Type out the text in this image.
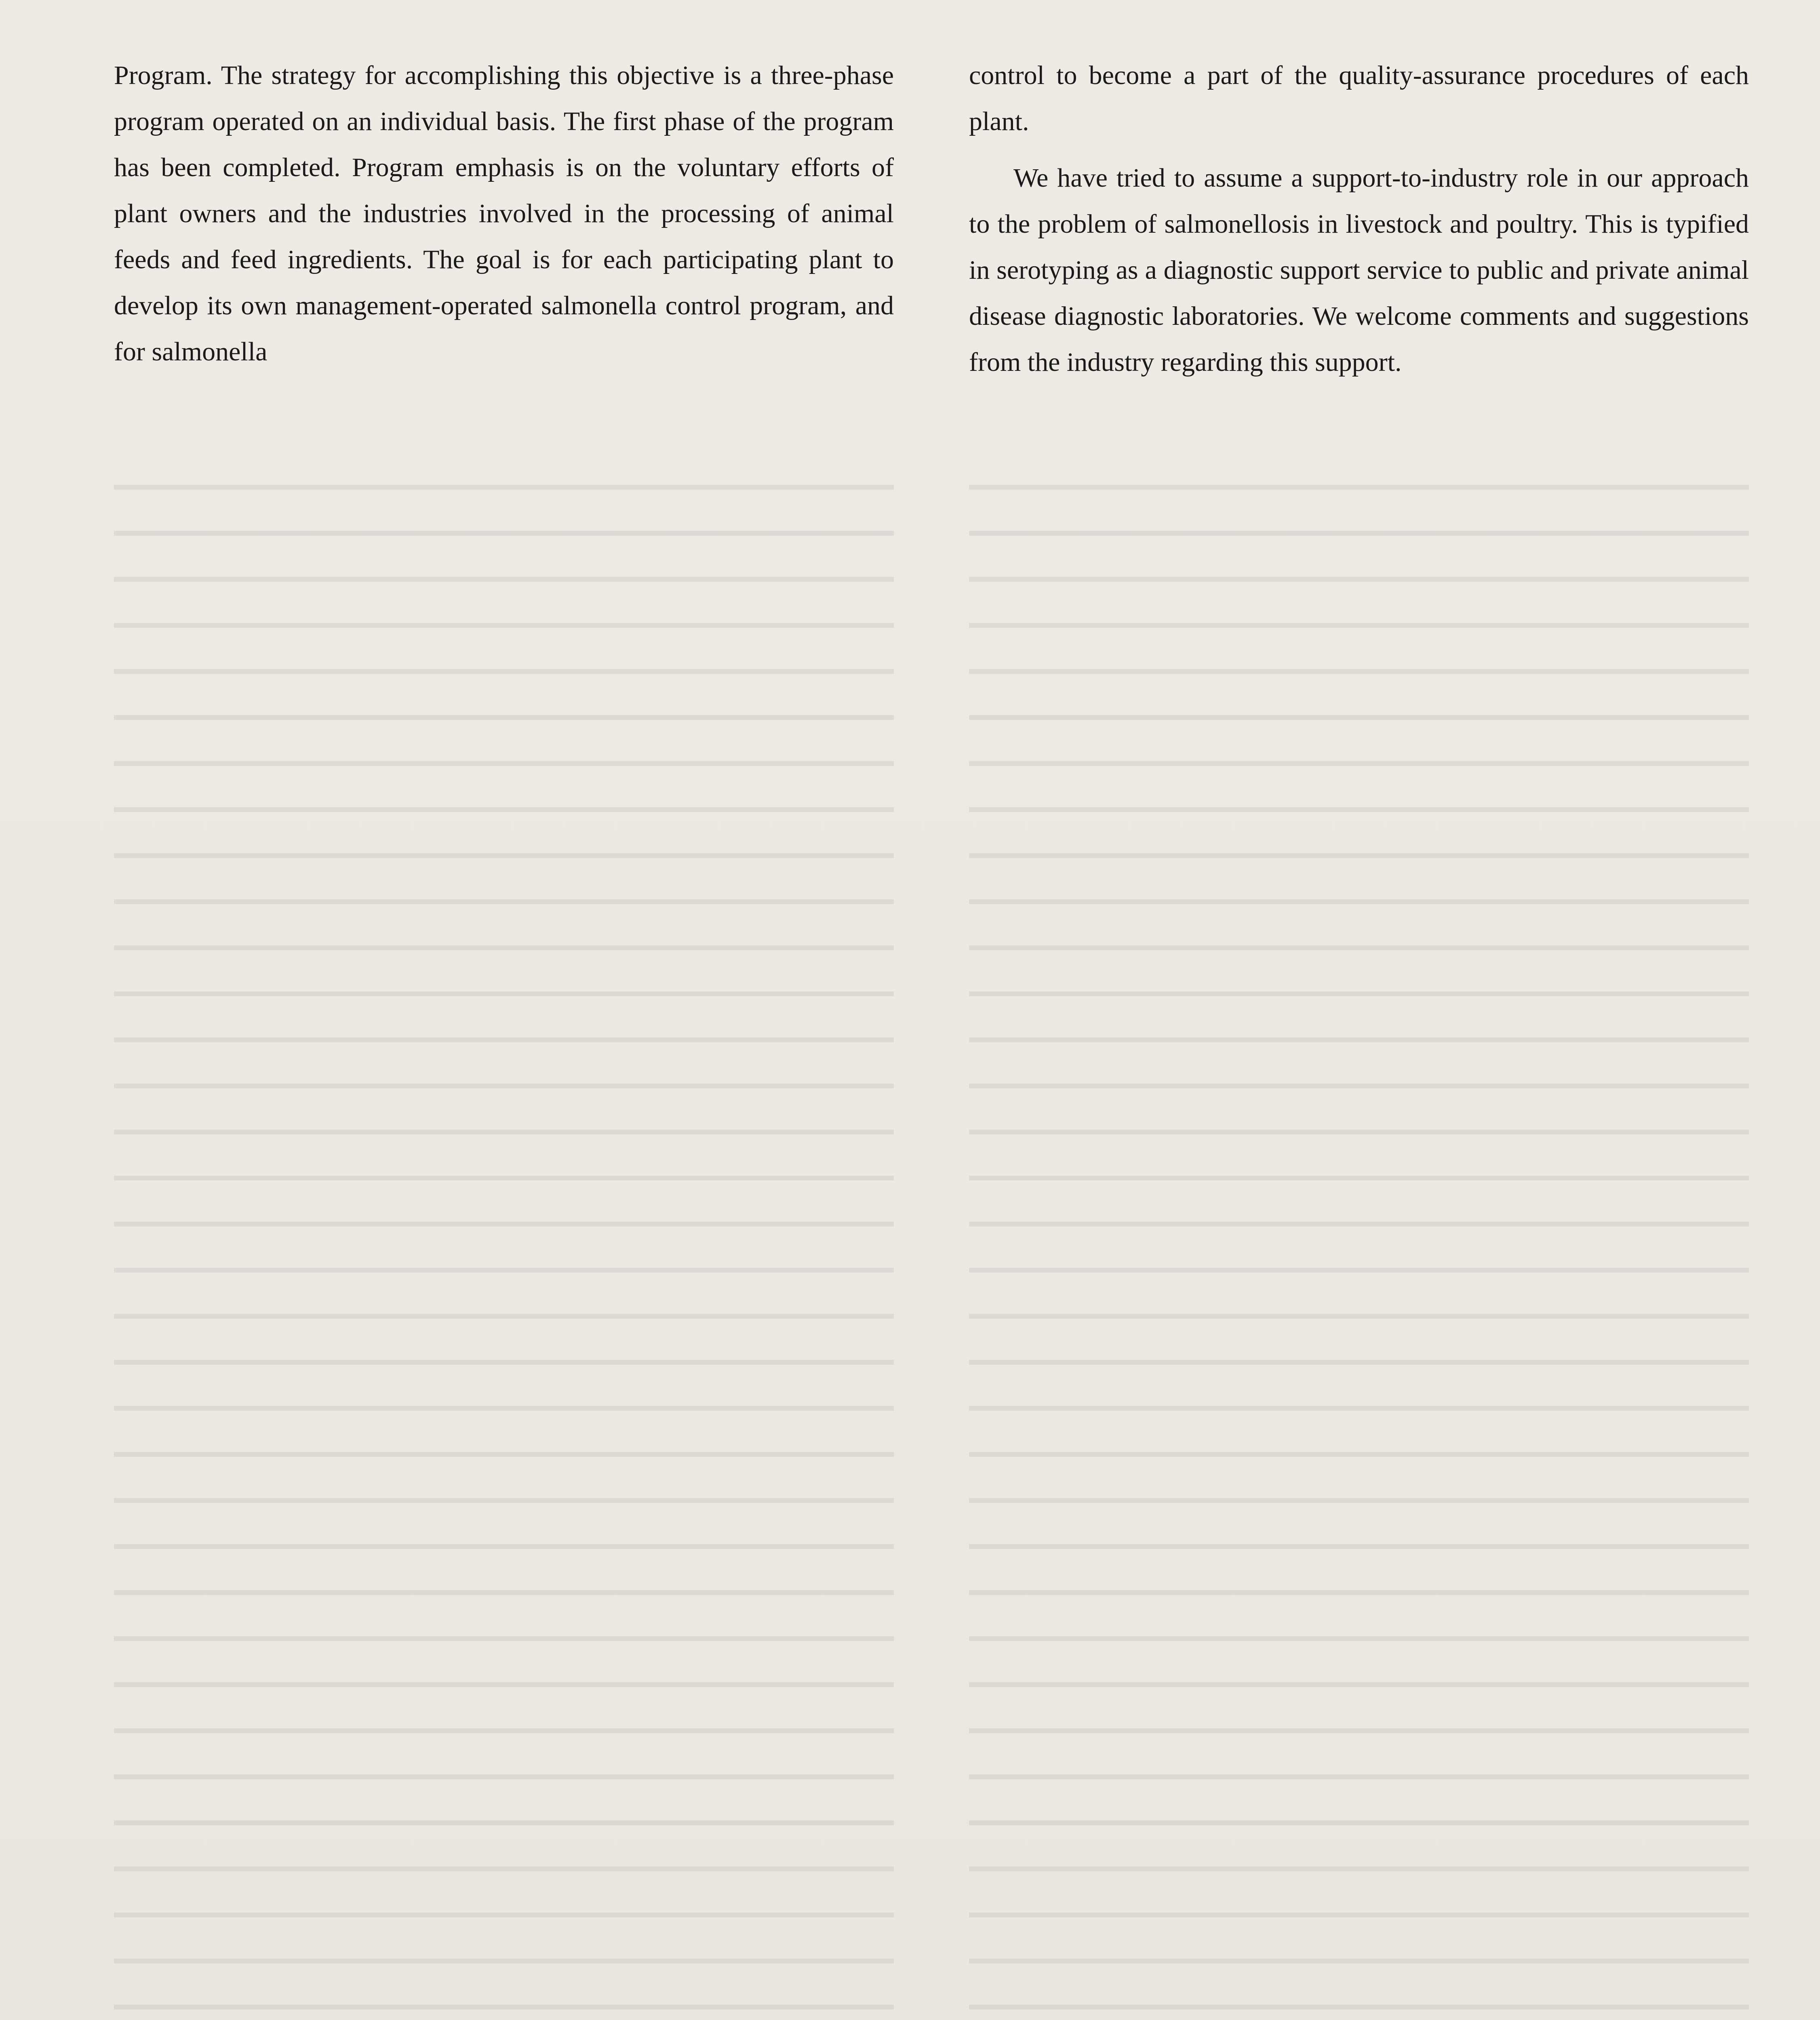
Program. The strategy for accomplishing this objective is a three-phase program operated on an individual basis. The first phase of the program has been completed. Program emphasis is on the voluntary efforts of plant owners and the industries involved in the processing of animal feeds and feed ingredients. The goal is for each participating plant to develop its own management-operated salmonella control program, and for salmonella

control to become a part of the quality-assurance procedures of each plant.

We have tried to assume a support-to-industry role in our approach to the problem of salmonellosis in livestock and poultry. This is typified in serotyping as a diagnostic support service to public and private animal disease diagnostic laboratories. We welcome comments and suggestions from the industry regarding this support.
